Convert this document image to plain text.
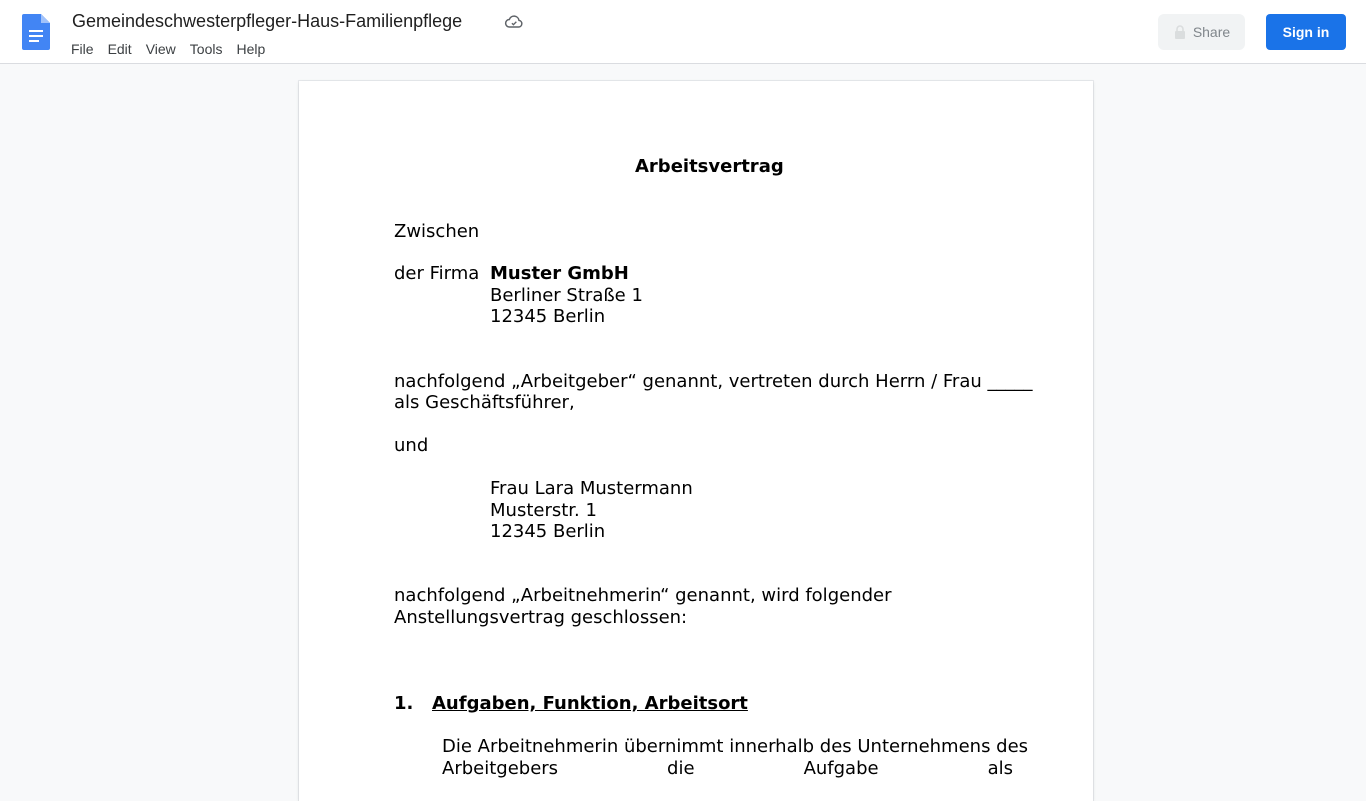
Gemeindeschwesterpfleger-Haus-Familienpflege
File	Edit	View	Tools	Help
Share	Sign in
Arbeitsvertrag
Zwischen
der Firma Muster GmbH
Berliner Straße 1
12345 Berlin
nachfolgend „Arbeitgeber“ genannt, vertreten durch Herrn / Frau _____
als Geschäftsführer,
und
Frau Lara Mustermann
Musterstr. 1
12345 Berlin
nachfolgend „Arbeitnehmerin“ genannt, wird folgender
Anstellungsvertrag geschlossen:
1. Aufgaben, Funktion, Arbeitsort
Die Arbeitnehmerin übernimmt innerhalb des Unternehmens des
Arbeitgebers die Aufgabe als
